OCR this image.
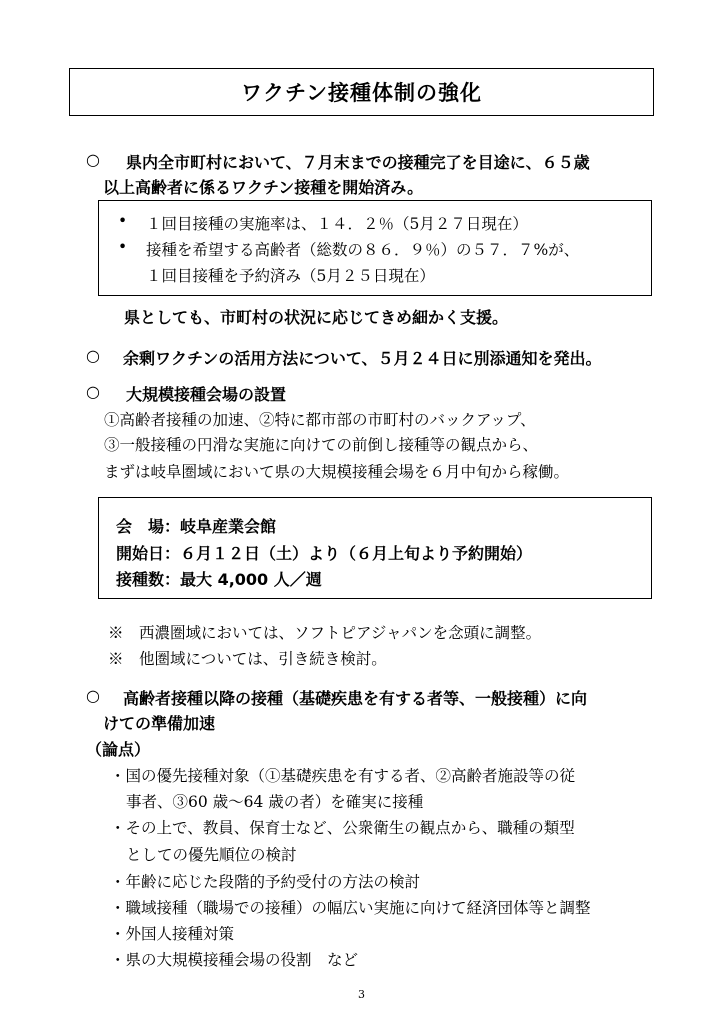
ワクチン接種体制の強化
○ 県内全市町村において、７月末までの接種完了を目途に、６５歳
以上高齢者に係るワクチン接種を開始済み。
• １回目接種の実施率は、１４．２％（5月２７日現在）
• 接種を希望する高齢者（総数の８６．９％）の５７．７%が、
１回目接種を予約済み（5月２５日現在）
県としても、市町村の状況に応じてきめ細かく支援。
○ 余剰ワクチンの活用方法について、５月２４日に別添通知を発出。
○ 大規模接種会場の設置
①高齢者接種の加速、②特に都市部の市町村のバックアップ、
③一般接種の円滑な実施に向けての前倒し接種等の観点から、
まずは岐阜圏域において県の大規模接種会場を６月中旬から稼働。
会　場：岐阜産業会館
開始日：６月１２日（土）より（６月上旬より予約開始）
接種数：最大 4,000 人／週
※　西濃圏域においては、ソフトピアジャパンを念頭に調整。
※　他圏域については、引き続き検討。
○ 高齢者接種以降の接種（基礎疾患を有する者等、一般接種）に向
けての準備加速
（論点）
・国の優先接種対象（①基礎疾患を有する者、②高齢者施設等の従
事者、③60 歳～64 歳の者）を確実に接種
・その上で、教員、保育士など、公衆衛生の観点から、職種の類型
としての優先順位の検討
・年齢に応じた段階的予約受付の方法の検討
・職域接種（職場での接種）の幅広い実施に向けて経済団体等と調整
・外国人接種対策
・県の大規模接種会場の役割　など
3
